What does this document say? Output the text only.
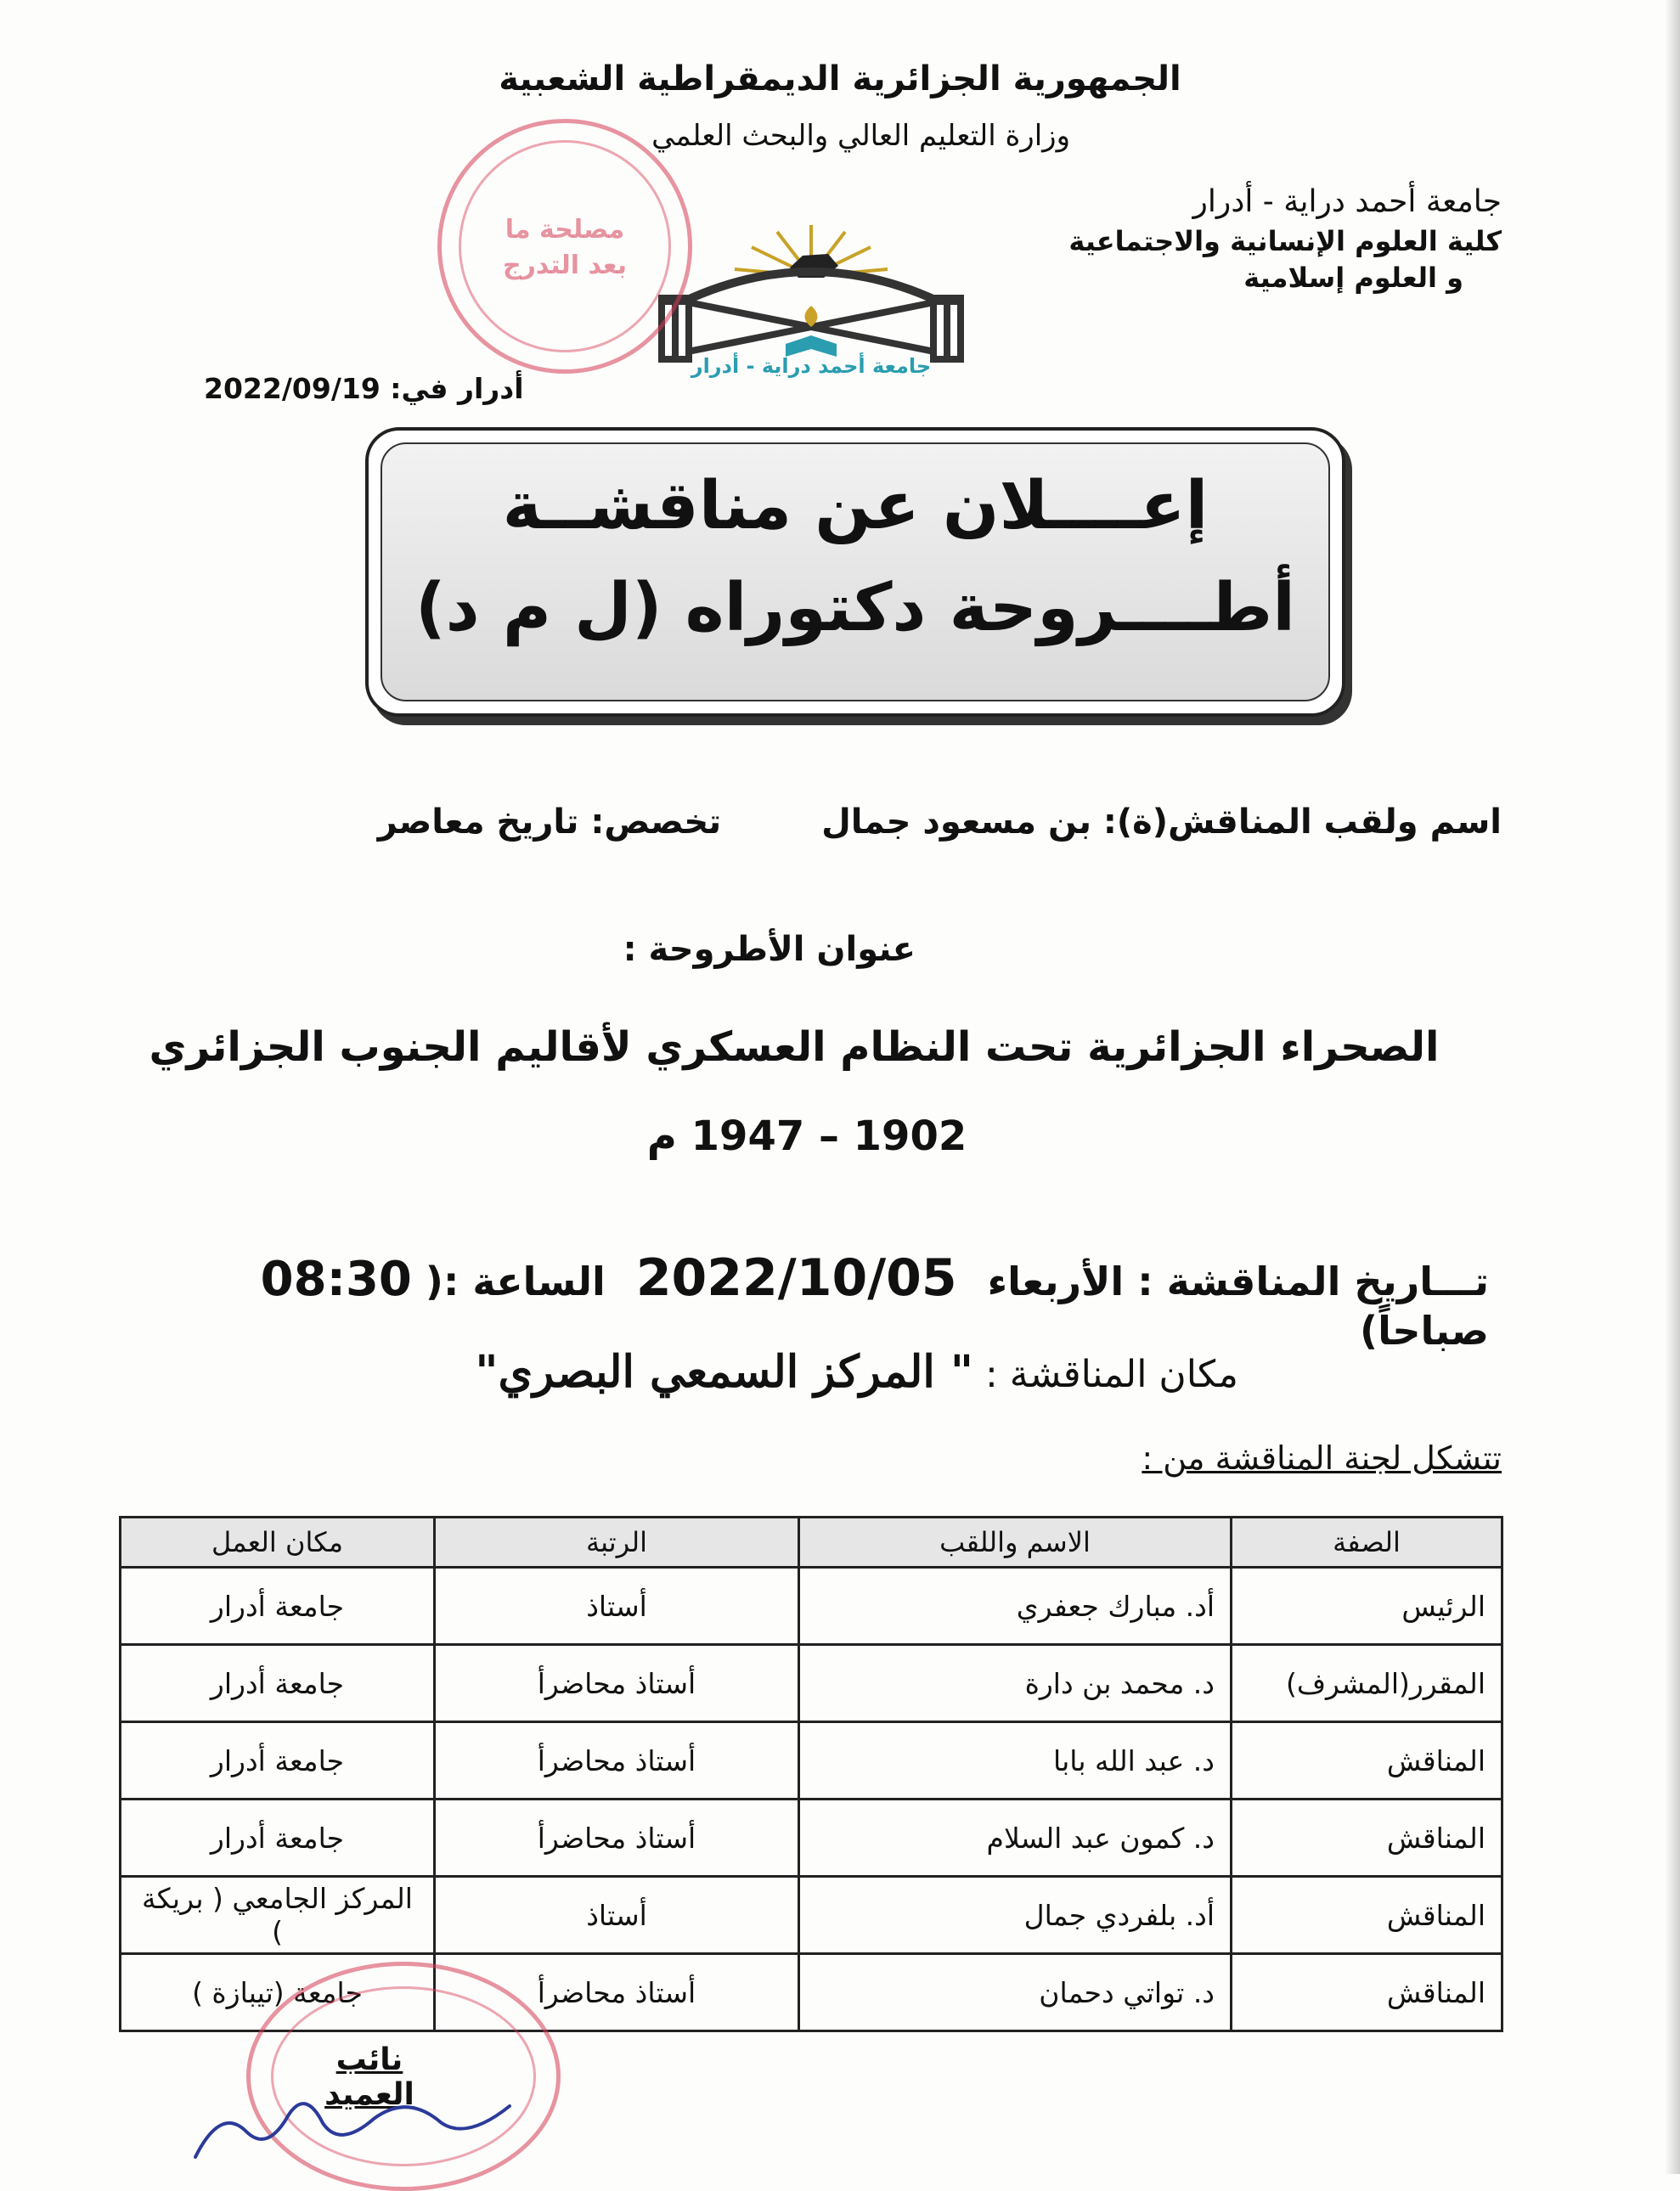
الجمهورية الجزائرية الديمقراطية الشعبية
وزارة التعليم العالي والبحث العلمي
جامعة أحمد دراية - أدرار
كلية العلوم الإنسانية والاجتماعية
و العلوم إسلامية
جامعة أحمد دراية - أدرار
مصلحة ما بعد التدرج
2022/09/19 أدرار في:
إعــــلان عن مناقشــة
أطــــروحة دكتوراه (ل م د)
اسم ولقب المناقش(ة): بن مسعود جمال  تخصص: تاريخ معاصر
عنوان الأطروحة :
الصحراء الجزائرية تحت النظام العسكري لأقاليم الجنوب الجزائري
1902 – 1947 م
تـــاريخ المناقشة : الأربعاء 2022/10/05 الساعة :( 08:30 صباحاً)
مكان المناقشة : " المركز السمعي البصري"
تتشكل لجنة المناقشة من :
الصفة	الاسم واللقب	الرتبة	مكان العمل
الرئيس	أد. مبارك جعفري	أستاذ	جامعة أدرار
المقرر(المشرف)	د. محمد بن دارة	أستاذ محاضرأ	جامعة أدرار
المناقش	د. عبد الله بابا	أستاذ محاضرأ	جامعة أدرار
المناقش	د. كمون عبد السلام	أستاذ محاضرأ	جامعة أدرار
المناقش	أد. بلفردي جمال	أستاذ	المركز الجامعي ( بريكة )
المناقش	د. تواتي دحمان	أستاذ محاضرأ	جامعة (تيبازة )
نائب العميد
